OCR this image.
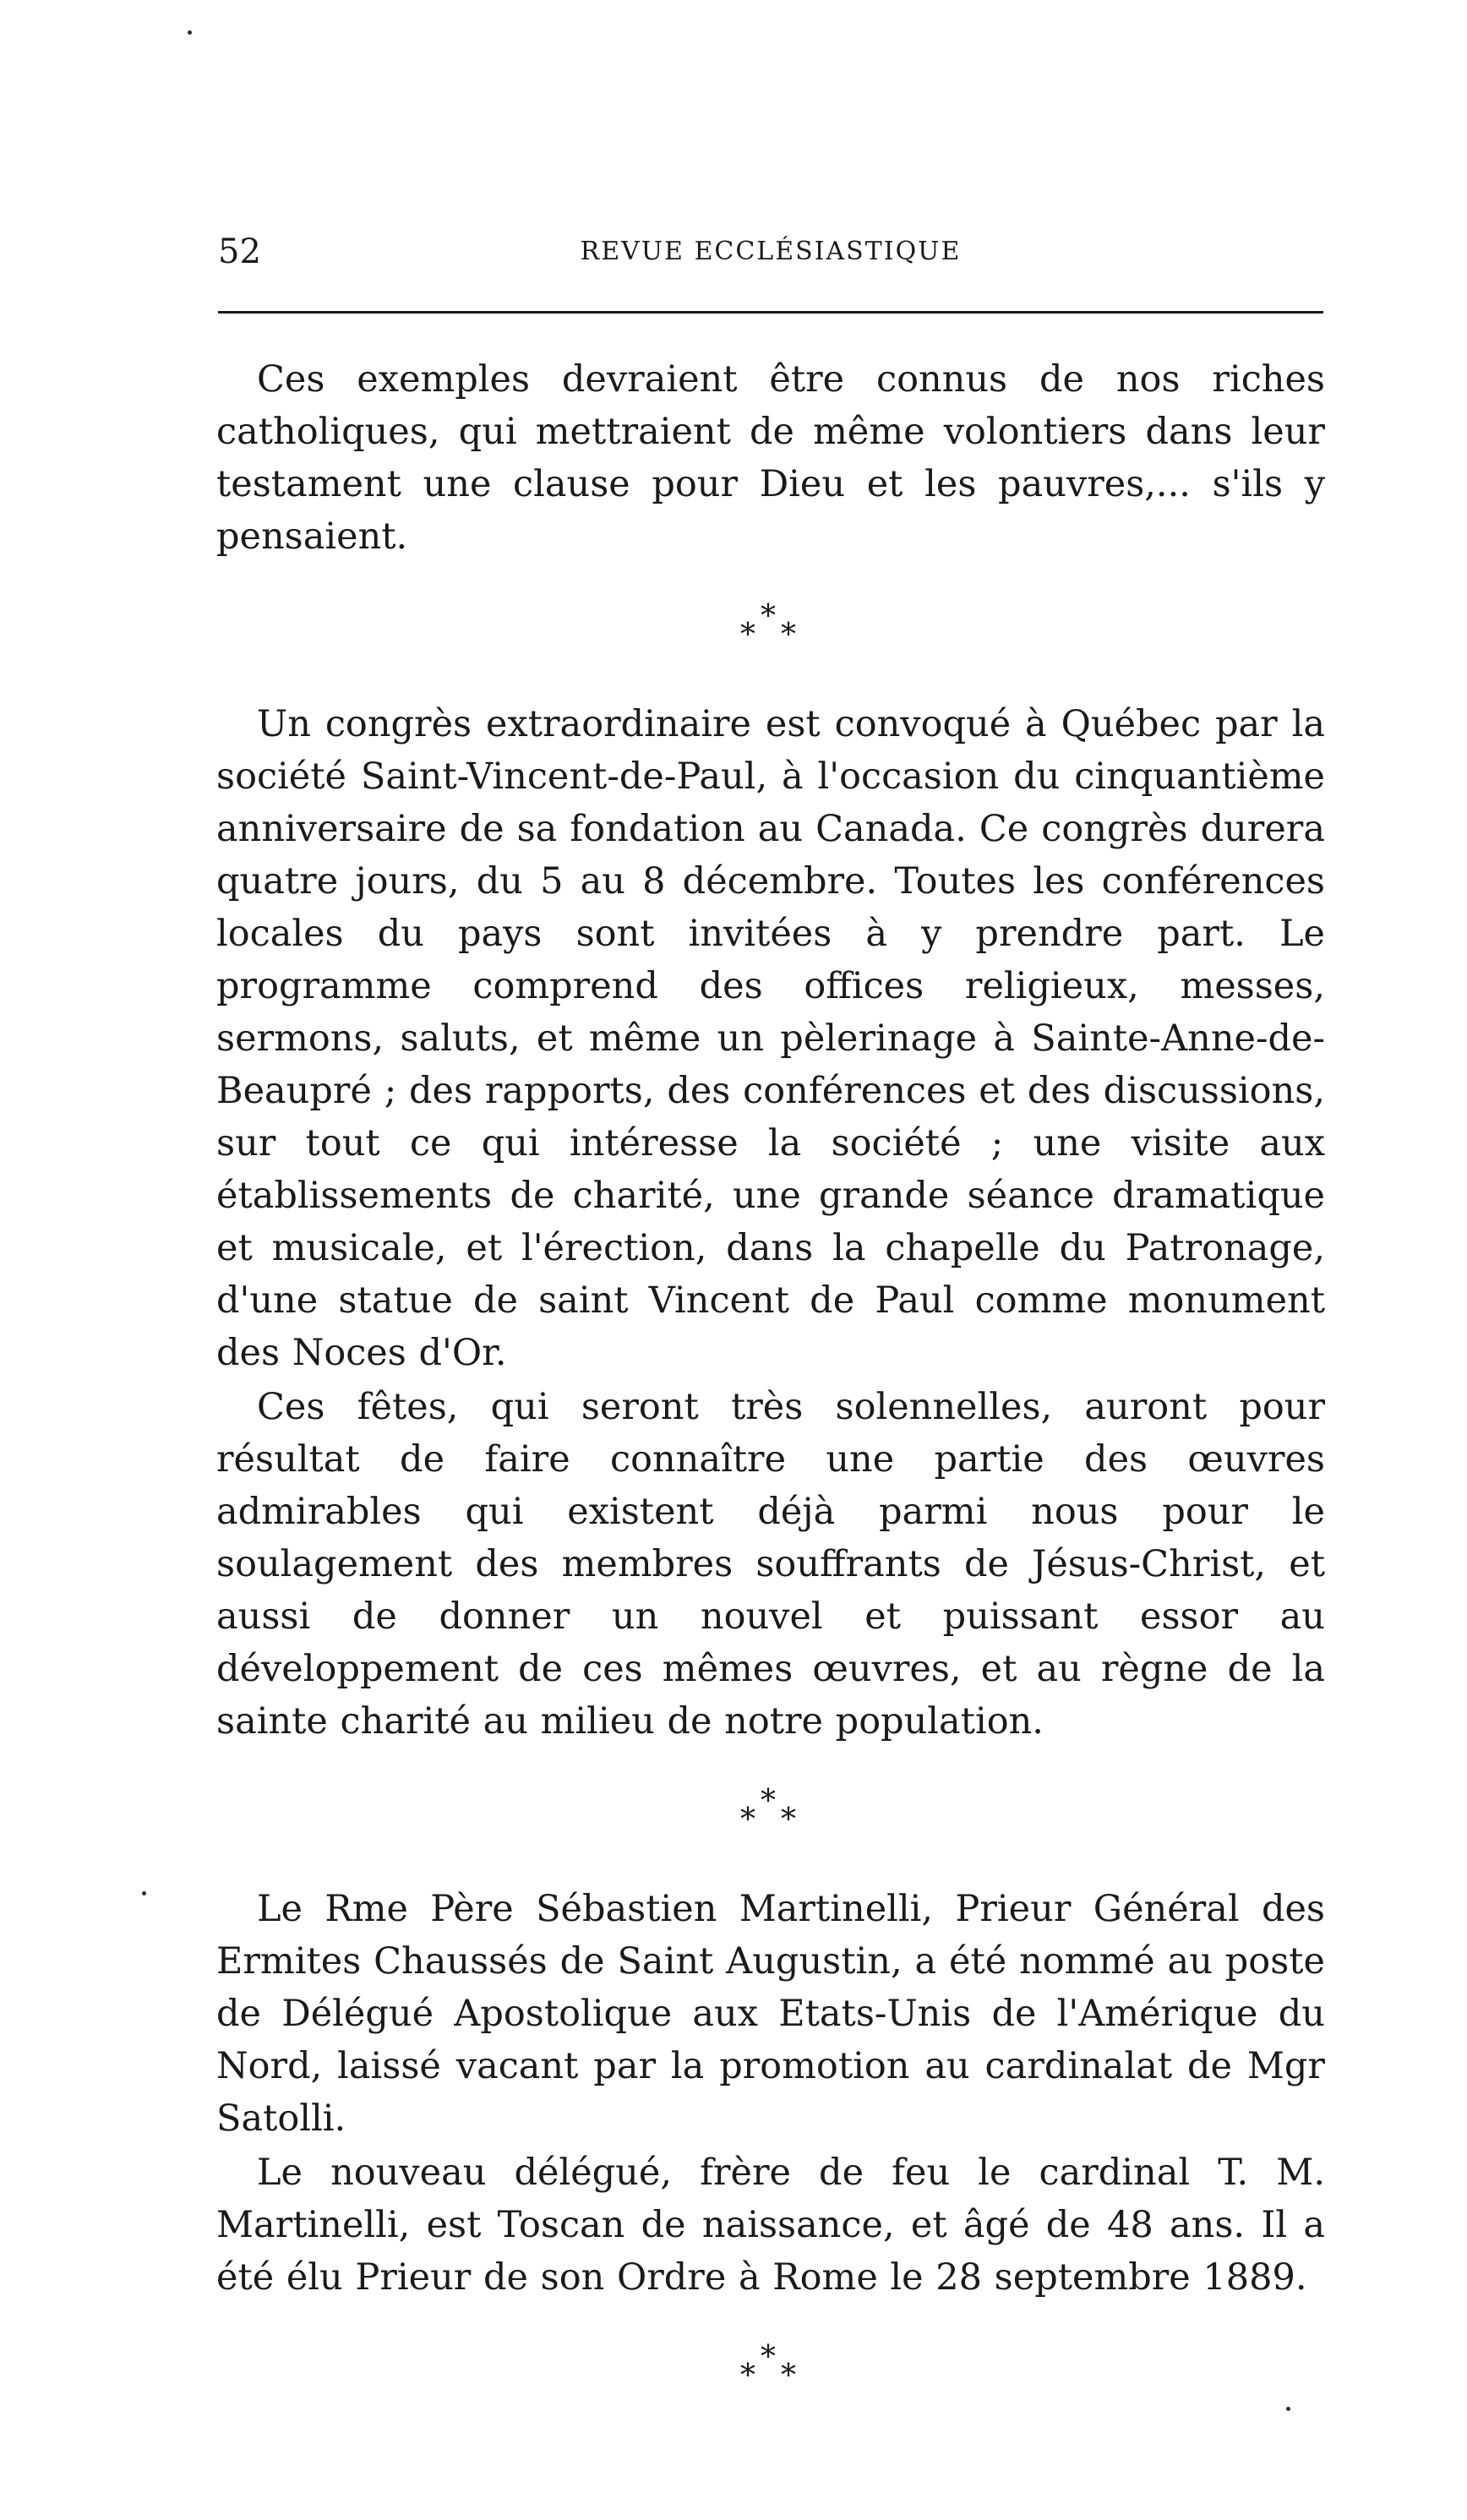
52	REVUE ECCLÉSIASTIQUE

Ces exemples devraient être connus de nos riches catholiques, qui mettraient de même volontiers dans leur testament une clause pour Dieu et les pauvres,... s'ils y pensaient.

*
* *

Un congrès extraordinaire est convoqué à Québec par la société Saint-Vincent-de-Paul, à l'occasion du cinquantième anniversaire de sa fondation au Canada. Ce congrès durera quatre jours, du 5 au 8 décembre. Toutes les conférences locales du pays sont invitées à y prendre part. Le programme comprend des offices religieux, messes, sermons, saluts, et même un pèlerinage à Sainte-Anne-de-Beaupré ; des rapports, des conférences et des discussions, sur tout ce qui intéresse la société ; une visite aux établissements de charité, une grande séance dramatique et musicale, et l'érection, dans la chapelle du Patronage, d'une statue de saint Vincent de Paul comme monument des Noces d'Or.

Ces fêtes, qui seront très solennelles, auront pour résultat de faire connaître une partie des œuvres admirables qui existent déjà parmi nous pour le soulagement des membres souffrants de Jésus-Christ, et aussi de donner un nouvel et puissant essor au développement de ces mêmes œuvres, et au règne de la sainte charité au milieu de notre population.

*
* *

Le Rme Père Sébastien Martinelli, Prieur Général des Ermites Chaussés de Saint Augustin, a été nommé au poste de Délégué Apostolique aux Etats-Unis de l'Amérique du Nord, laissé vacant par la promotion au cardinalat de Mgr Satolli.

Le nouveau délégué, frère de feu le cardinal T. M. Martinelli, est Toscan de naissance, et âgé de 48 ans. Il a été élu Prieur de son Ordre à Rome le 28 septembre 1889.

*
* *
